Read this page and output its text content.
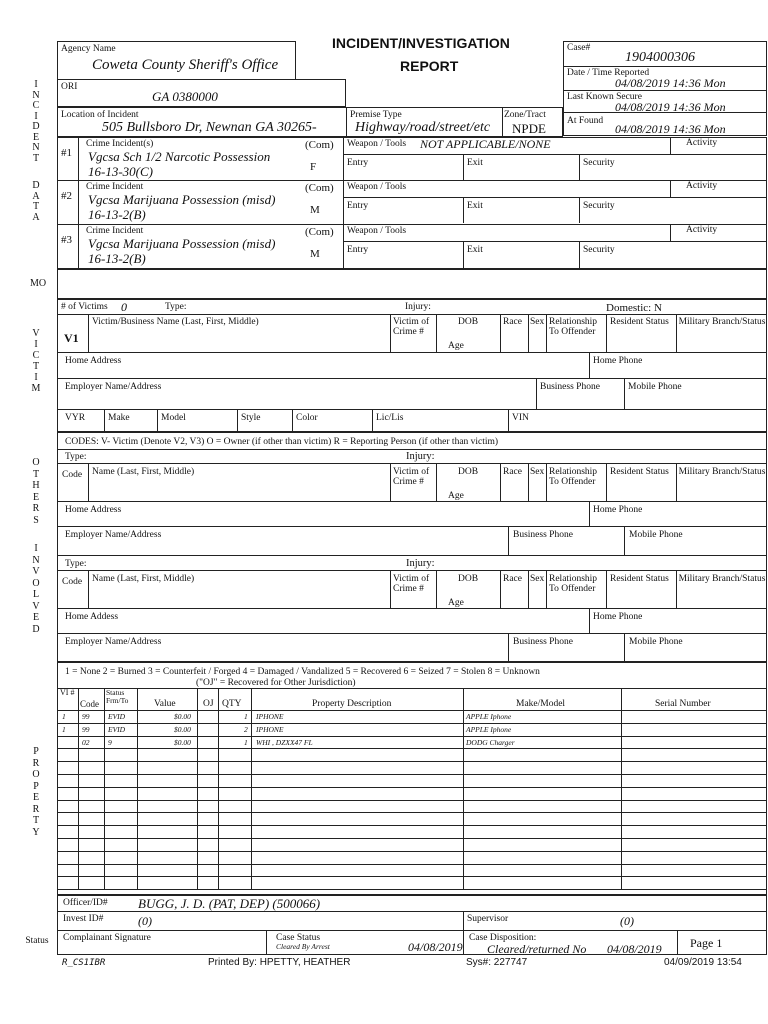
INCIDENT/INVESTIGATION
REPORT
Agency Name
Coweta County Sheriff's Office
ORI
GA 0380000
Case#
1904000306
Date / Time Reported
04/08/2019 14:36 Mon
Last Known Secure
04/08/2019 14:36 Mon
At Found
04/08/2019 14:36 Mon
I
N
C
I
D
E
N
T
D
A
T
A
Location of Incident
505 Bullsboro Dr, Newnan GA 30265-
Premise Type
Highway/road/street/etc
Zone/Tract
NPDE
#1
Crime Incident(s)	(Com)
Vgcsa Sch 1/2 Narcotic Possession
16-13-30(C)	F
Weapon / Tools NOT APPLICABLE/NONE	Activity
Entry	Exit	Security
#2
Crime Incident	(Com)
Vgcsa Marijuana Possession (misd)
16-13-2(B)	M
Weapon / Tools	Activity
Entry	Exit	Security
#3
Crime Incident	(Com)
Vgcsa Marijuana Possession (misd)
16-13-2(B)	M
Weapon / Tools	Activity
Entry	Exit	Security
MO
V
I
C
T
I
M
# of Victims 0	Type:	Injury:	Domestic: N
V1
Victim/Business Name (Last, First, Middle)	Victim of Crime #
DOB
Age
Race Sex Relationship To Offender
Resident Status Military Branch/Status
Home Address	Home Phone
Employer Name/Address	Business Phone	Mobile Phone
VYR Make	Model	Style	Color	Lic/Lis	VIN
O
T
H
E
R
S
I
N
V
O
L
V
E
D
CODES: V- Victim (Denote V2, V3) O = Owner (if other than victim) R = Reporting Person (if other than victim)
Type:	Injury:
Code Name (Last, First, Middle)	Victim of Crime #
DOB
Age
Race Sex Relationship To Offender
Resident Status Military Branch/Status
Home Address	Home Phone
Employer Name/Address	Business Phone	Mobile Phone
Type:	Injury:
Code Name (Last, First, Middle)	Victim of Crime #
DOB
Age
Race Sex Relationship To Offender
Resident Status Military Branch/Status
Home Addess	Home Phone
Employer Name/Address	Business Phone	Mobile Phone
P
R
O
P
E
R
T
Y
1 = None 2 = Burned 3 = Counterfeit / Forged 4 = Damaged / Vandalized 5 = Recovered 6 = Seized 7 = Stolen 8 = Unknown
("OJ" = Recovered for Other Jurisdiction)
VI #
Code
Status Frm/To	Value	OJ QTY	Property Description	Make/Model	Serial Number
1 99 EVID	$0.00	1 IPHONE	APPLE Iphone
1 99 EVID	$0.00	2 IPHONE	APPLE Iphone
02 9	$0.00	1 WHI , DZXX47 FL	DODG Charger
Officer/ID# BUGG, J. D. (PAT, DEP) (500066)
Invest ID#	(0)	Supervisor	(0)
Status	Complainant Signature	Case Status
Cleared By Arrest	04/08/2019
Case Disposition:
Cleared/returned No 04/08/2019 Page 1
R_CS1IBR	Printed By: HPETTY, HEATHER	Sys#: 227747	04/09/2019 13:54
